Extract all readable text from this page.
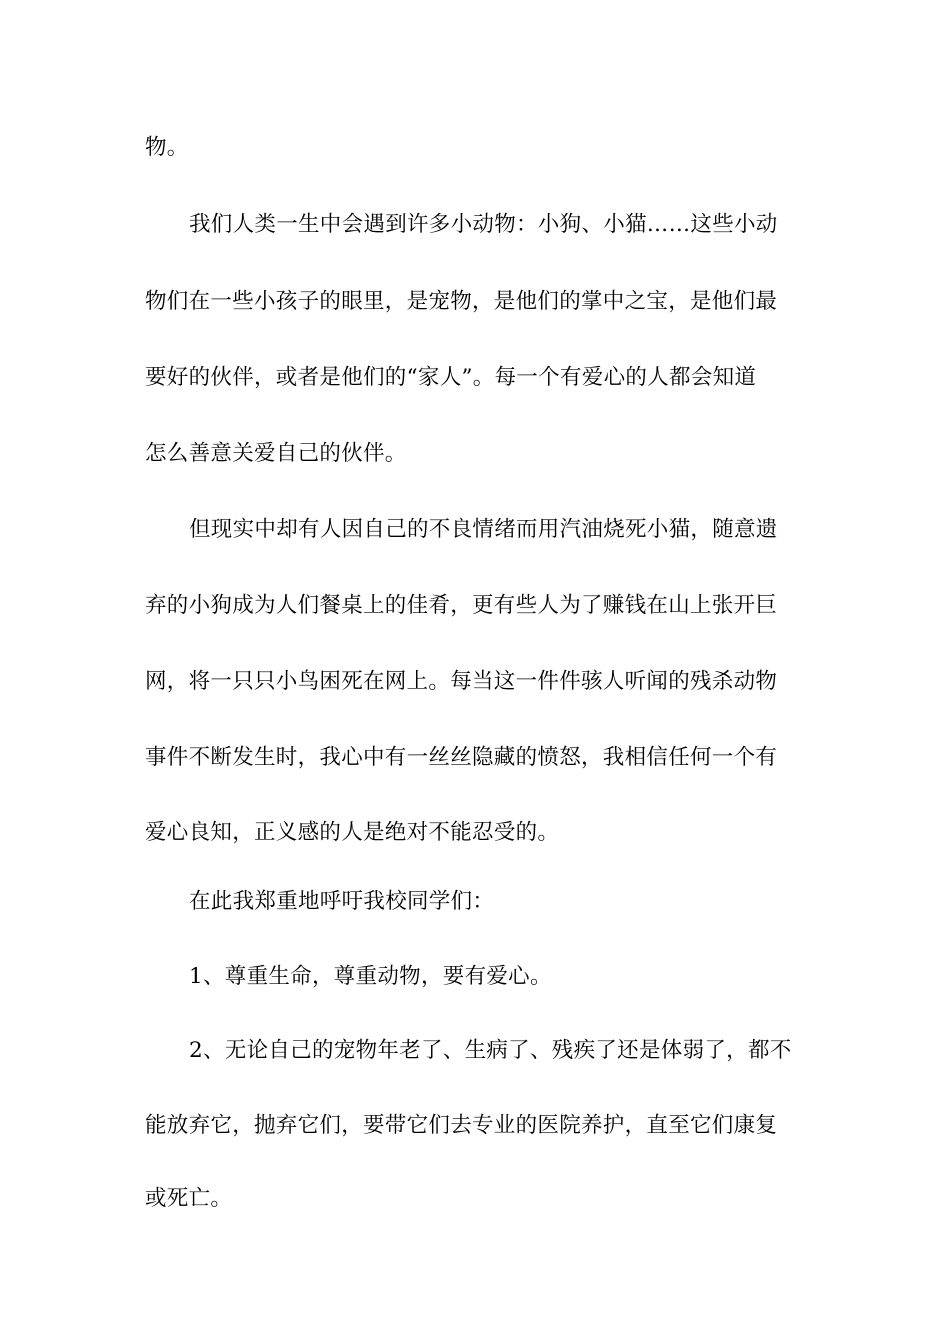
物。
我们人类一生中会遇到许多小动物：小狗、小猫……这些小动
物们在一些小孩子的眼里，是宠物，是他们的掌中之宝，是他们最
要好的伙伴，或者是他们的“家人”。每一个有爱心的人都会知道
怎么善意关爱自己的伙伴。
但现实中却有人因自己的不良情绪而用汽油烧死小猫，随意遗
弃的小狗成为人们餐桌上的佳肴，更有些人为了赚钱在山上张开巨
网，将一只只小鸟困死在网上。每当这一件件骇人听闻的残杀动物
事件不断发生时，我心中有一丝丝隐藏的愤怒，我相信任何一个有
爱心良知，正义感的人是绝对不能忍受的。
在此我郑重地呼吁我校同学们：
1、尊重生命，尊重动物，要有爱心。
2、无论自己的宠物年老了、生病了、残疾了还是体弱了，都不
能放弃它，抛弃它们，要带它们去专业的医院养护，直至它们康复
或死亡。
